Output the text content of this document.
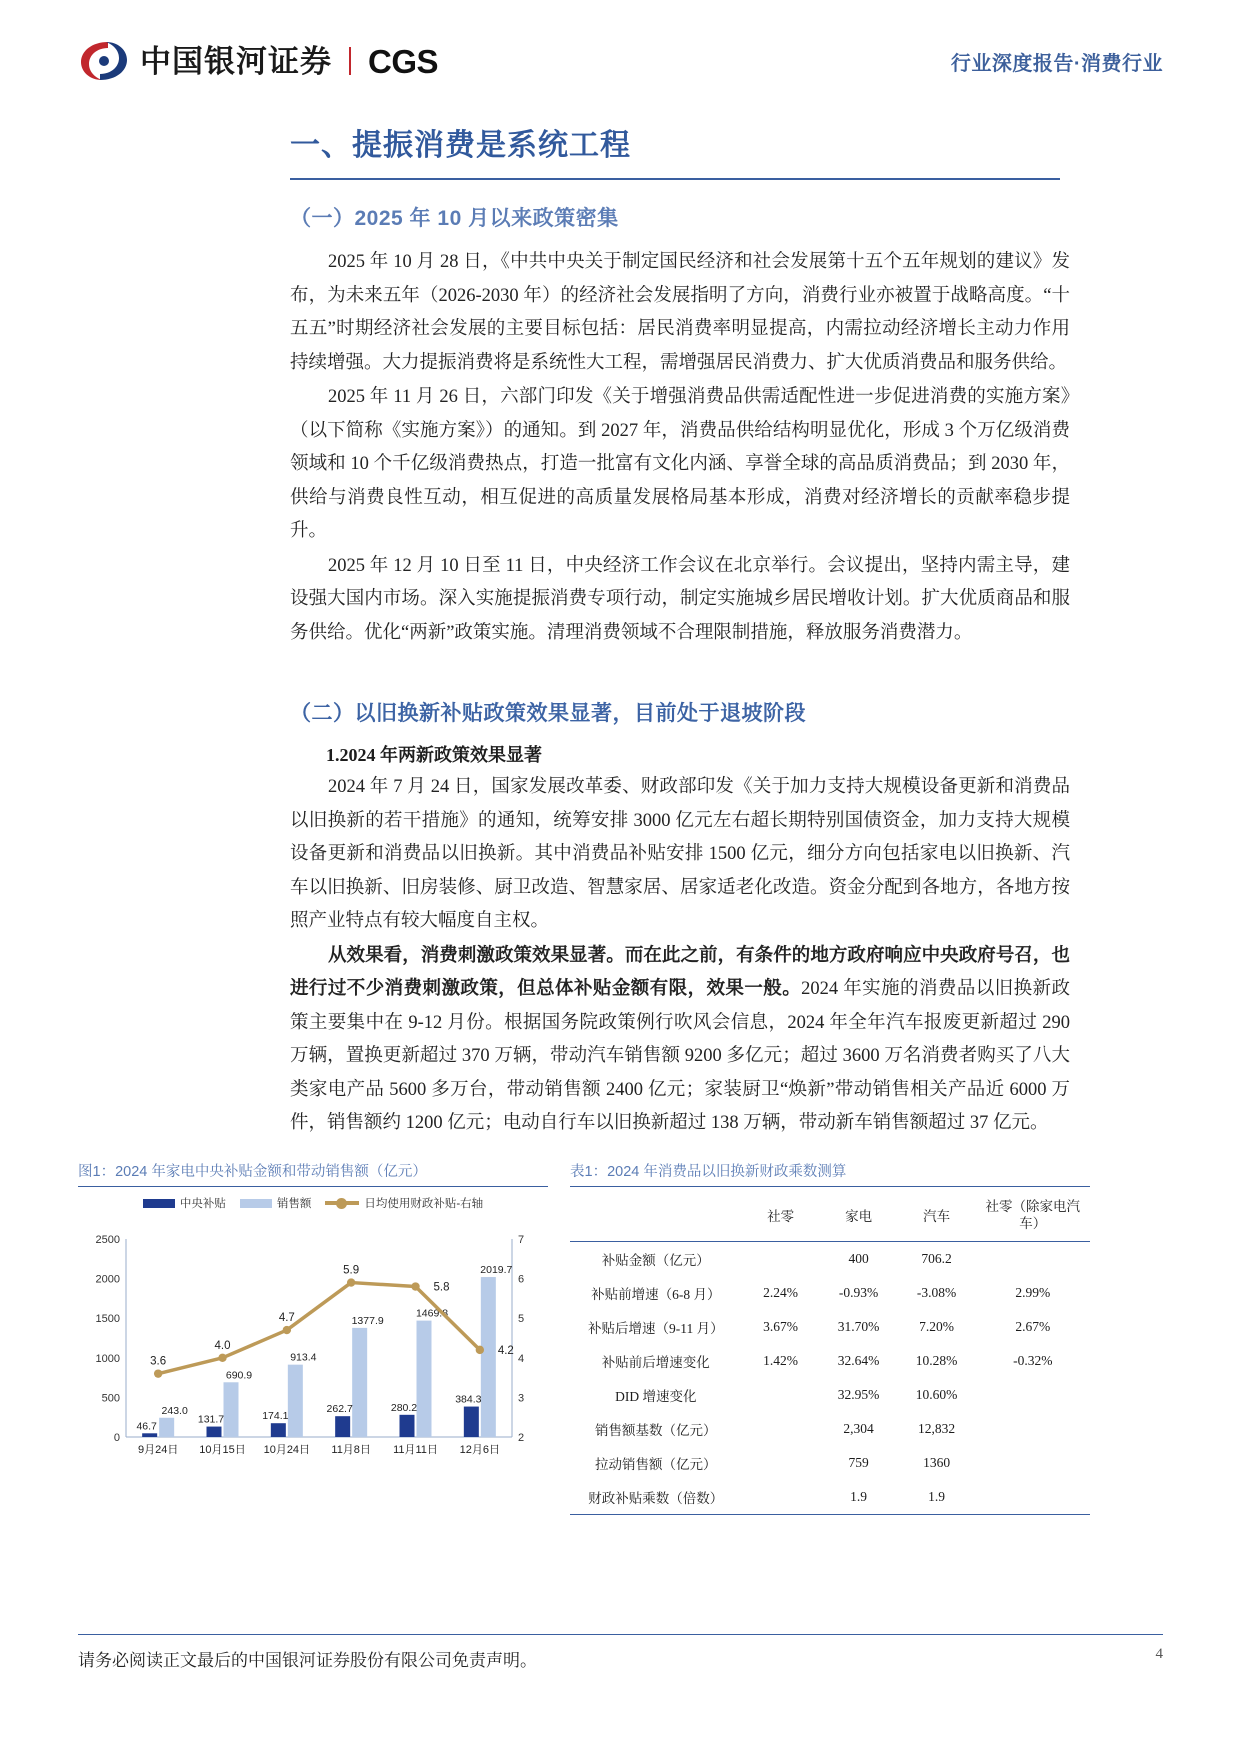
中国银河证券 CGS	行业深度报告·消费行业
一、提振消费是系统工程
（一）2025 年 10 月以来政策密集

2025 年 10 月 28 日，《中共中央关于制定国民经济和社会发展第十五个五年规划的建议》发布，为未来五年（2026-2030 年）的经济社会发展指明了方向，消费行业亦被置于战略高度。“十五五”时期经济社会发展的主要目标包括：居民消费率明显提高，内需拉动经济增长主动力作用持续增强。大力提振消费将是系统性大工程，需增强居民消费力、扩大优质消费品和服务供给。

2025 年 11 月 26 日，六部门印发《关于增强消费品供需适配性进一步促进消费的实施方案》（以下简称《实施方案》）的通知。到 2027 年，消费品供给结构明显优化，形成 3 个万亿级消费领域和 10 个千亿级消费热点，打造一批富有文化内涵、享誉全球的高品质消费品；到 2030 年，供给与消费良性互动，相互促进的高质量发展格局基本形成，消费对经济增长的贡献率稳步提升。

2025 年 12 月 10 日至 11 日，中央经济工作会议在北京举行。会议提出，坚持内需主导，建设强大国内市场。深入实施提振消费专项行动，制定实施城乡居民增收计划。扩大优质商品和服务供给。优化“两新”政策实施。清理消费领域不合理限制措施，释放服务消费潜力。

（二）以旧换新补贴政策效果显著，目前处于退坡阶段
1.2024 年两新政策效果显著

2024 年 7 月 24 日，国家发展改革委、财政部印发《关于加力支持大规模设备更新和消费品以旧换新的若干措施》的通知，统筹安排 3000 亿元左右超长期特别国债资金，加力支持大规模设备更新和消费品以旧换新。其中消费品补贴安排 1500 亿元，细分方向包括家电以旧换新、汽车以旧换新、旧房装修、厨卫改造、智慧家居、居家适老化改造。资金分配到各地方，各地方按照产业特点有较大幅度自主权。

从效果看，消费刺激政策效果显著。而在此之前，有条件的地方政府响应中央政府号召，也进行过不少消费刺激政策，但总体补贴金额有限，效果一般。2024 年实施的消费品以旧换新政策主要集中在 9-12 月份。根据国务院政策例行吹风会信息，2024 年全年汽车报废更新超过 290 万辆，置换更新超过 370 万辆，带动汽车销售额 9200 多亿元；超过 3600 万名消费者购买了八大类家电产品 5600 多万台，带动销售额 2400 亿元；家装厨卫“焕新”带动销售相关产品近 6000 万件，销售额约 1200 亿元；电动自行车以旧换新超过 138 万辆，带动新车销售额超过 37 亿元。

图1：2024 年家电中央补贴金额和带动销售额（亿元）
中央补贴	销售额	日均使用财政补贴-右轴
0
500
1000
1500
2000
2500
2
3
4
5
6
7
46.7
243.0
9月24日
131.7
690.9
10月15日
174.1
913.4
10月24日
262.7
1377.9
11月8日
280.2
1469.8
11月11日
384.3
2019.7
12月6日
3.6
4.0
4.7
5.9
5.8
4.2
表1：2024 年消费品以旧换新财政乘数测算
	社零	家电	汽车	社零（除家电汽车）
补贴金额（亿元）		400	706.2	
补贴前增速（6-8 月）	2.24%	-0.93%	-3.08%	2.99%
补贴后增速（9-11 月）	3.67%	31.70%	7.20%	2.67%
补贴前后增速变化	1.42%	32.64%	10.28%	-0.32%
DID 增速变化		32.95%	10.60%	
销售额基数（亿元）		2,304	12,832	
拉动销售额（亿元）		759	1360	
财政补贴乘数（倍数）		1.9	1.9	
请务必阅读正文最后的中国银河证券股份有限公司免责声明。	4
